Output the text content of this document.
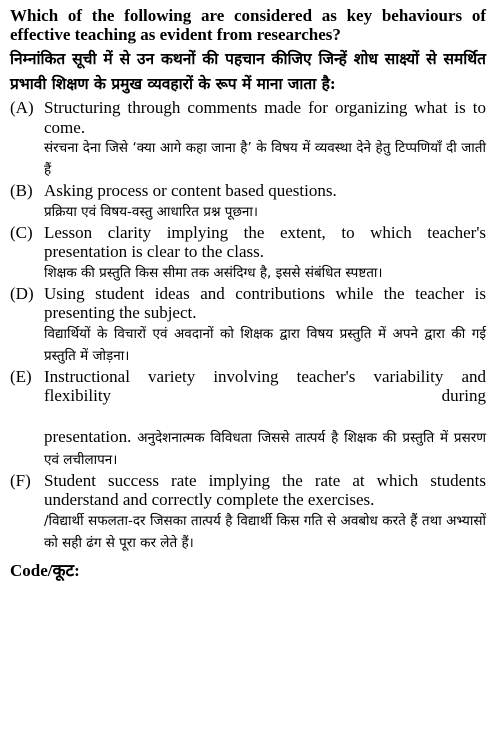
Which of the following are considered as key behaviours of effective teaching as evident from researches?
निम्नांकित सूची में से उन कथनों की पहचान कीजिए जिन्हें शोध साक्ष्यों से समर्थित प्रभावी शिक्षण के प्रमुख व्यवहारों के रूप में माना जाता है:
(A) Structuring through comments made for organizing what is to come.
संरचना देना जिसे ‘क्या आगे कहा जाना है’ के विषय में व्यवस्था देने हेतु टिप्पणियाँ दी जाती हैं
(B) Asking process or content based questions.
प्रक्रिया एवं विषय-वस्तु आधारित प्रश्न पूछना।
(C) Lesson clarity implying the extent, to which teacher's presentation is clear to the class.
शिक्षक की प्रस्तुति किस सीमा तक असंदिग्ध है, इससे संबंधित स्पष्टता।
(D) Using student ideas and contributions while the teacher is presenting the subject.
विद्यार्थियों के विचारों एवं अवदानों को शिक्षक द्वारा विषय प्रस्तुति में अपने द्वारा की गई प्रस्तुति में जोड़ना।
(E) Instructional variety involving teacher's variability and flexibility during
presentation. अनुदेशनात्मक विविधता जिससे तात्पर्य है शिक्षक की प्रस्तुति में प्रसरण एवं लचीलापन।
(F) Student success rate implying the rate at which students understand and correctly complete the exercises.
/विद्यार्थी सफलता-दर जिसका तात्पर्य है विद्यार्थी किस गति से अवबोध करते हैं तथा अभ्यासों को सही ढंग से पूरा कर लेते हैं।
Code/कूट:
